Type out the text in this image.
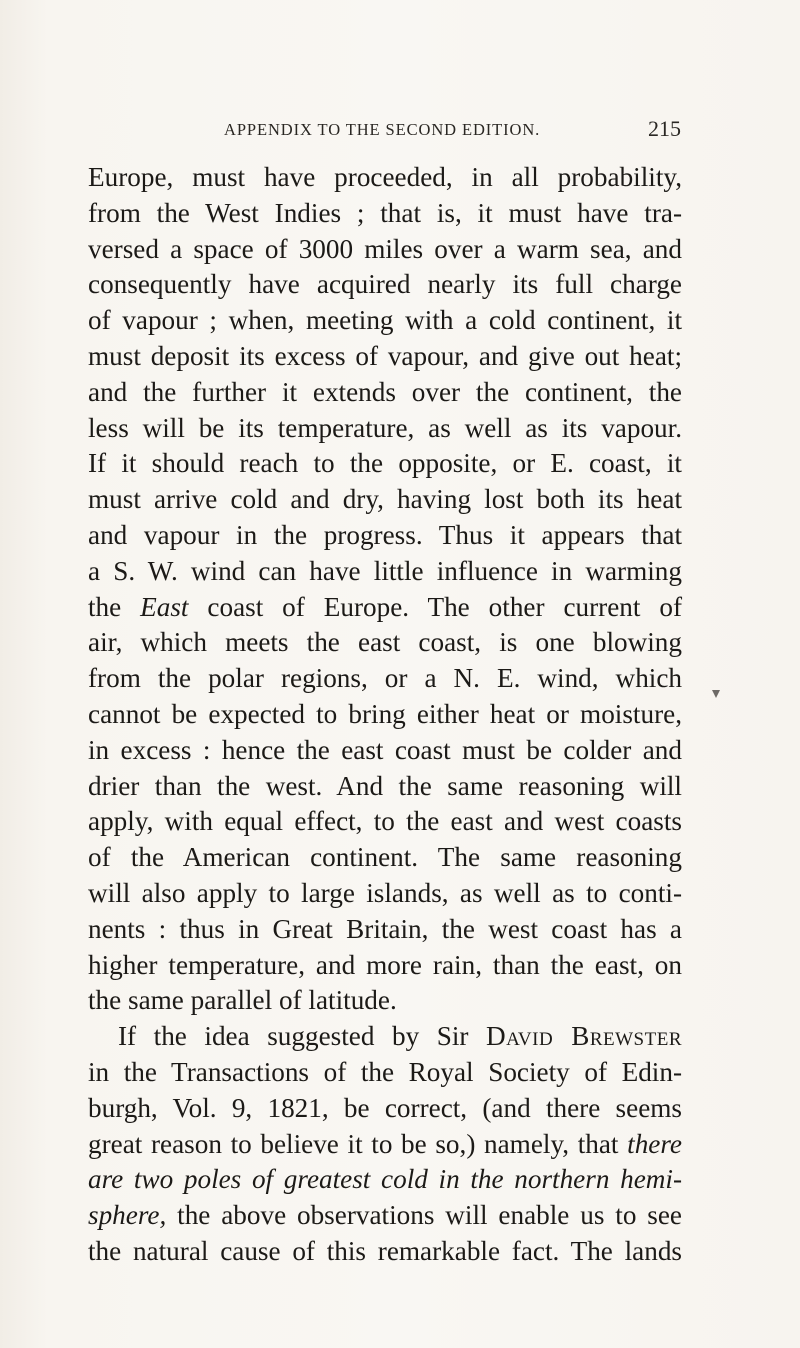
APPENDIX TO THE SECOND EDITION.	215
Europe, must have proceeded, in all probability,
from the West Indies ; that is, it must have tra-
versed a space of 3000 miles over a warm sea, and
consequently have acquired nearly its full charge
of vapour ; when, meeting with a cold continent, it
must deposit its excess of vapour, and give out heat;
and the further it extends over the continent, the
less will be its temperature, as well as its vapour.
If it should reach to the opposite, or E. coast, it
must arrive cold and dry, having lost both its heat
and vapour in the progress. Thus it appears that
a S. W. wind can have little influence in warming
the East coast of Europe. The other current of
air, which meets the east coast, is one blowing
from the polar regions, or a N. E. wind, which
cannot be expected to bring either heat or moisture,
in excess : hence the east coast must be colder and
drier than the west. And the same reasoning will
apply, with equal effect, to the east and west coasts
of the American continent. The same reasoning
will also apply to large islands, as well as to conti-
nents : thus in Great Britain, the west coast has a
higher temperature, and more rain, than the east, on
the same parallel of latitude.
If the idea suggested by Sir David Brewster
in the Transactions of the Royal Society of Edin-
burgh, Vol. 9, 1821, be correct, (and there seems
great reason to believe it to be so,) namely, that there
are two poles of greatest cold in the northern hemi-
sphere, the above observations will enable us to see
the natural cause of this remarkable fact. The lands
